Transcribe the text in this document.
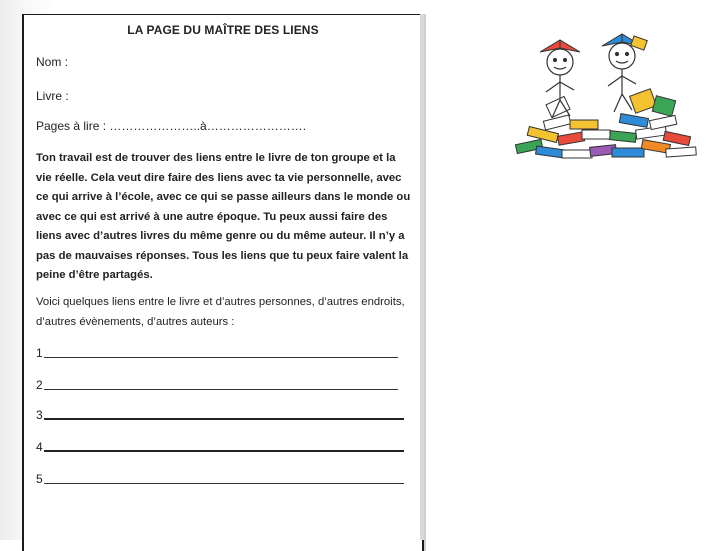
LA PAGE DU MAÎTRE DES LIENS
Nom :
Livre :
Pages à lire : …………………..à…………………….
Ton travail est de trouver des liens entre le livre de ton groupe et la vie réelle. Cela veut dire faire des liens avec ta vie personnelle, avec ce qui arrive à l’école, avec ce qui se passe ailleurs dans le monde ou avec ce qui est arrivé à une autre époque. Tu peux aussi faire des liens avec d’autres livres du même genre ou du même auteur. Il n’y a pas de mauvaises réponses. Tous les liens que tu peux faire valent la peine d’être partagés.
Voici quelques liens entre le livre et d’autres personnes, d’autres endroits, d’autres évènements, d’autres auteurs :
1
2
3
4
5
